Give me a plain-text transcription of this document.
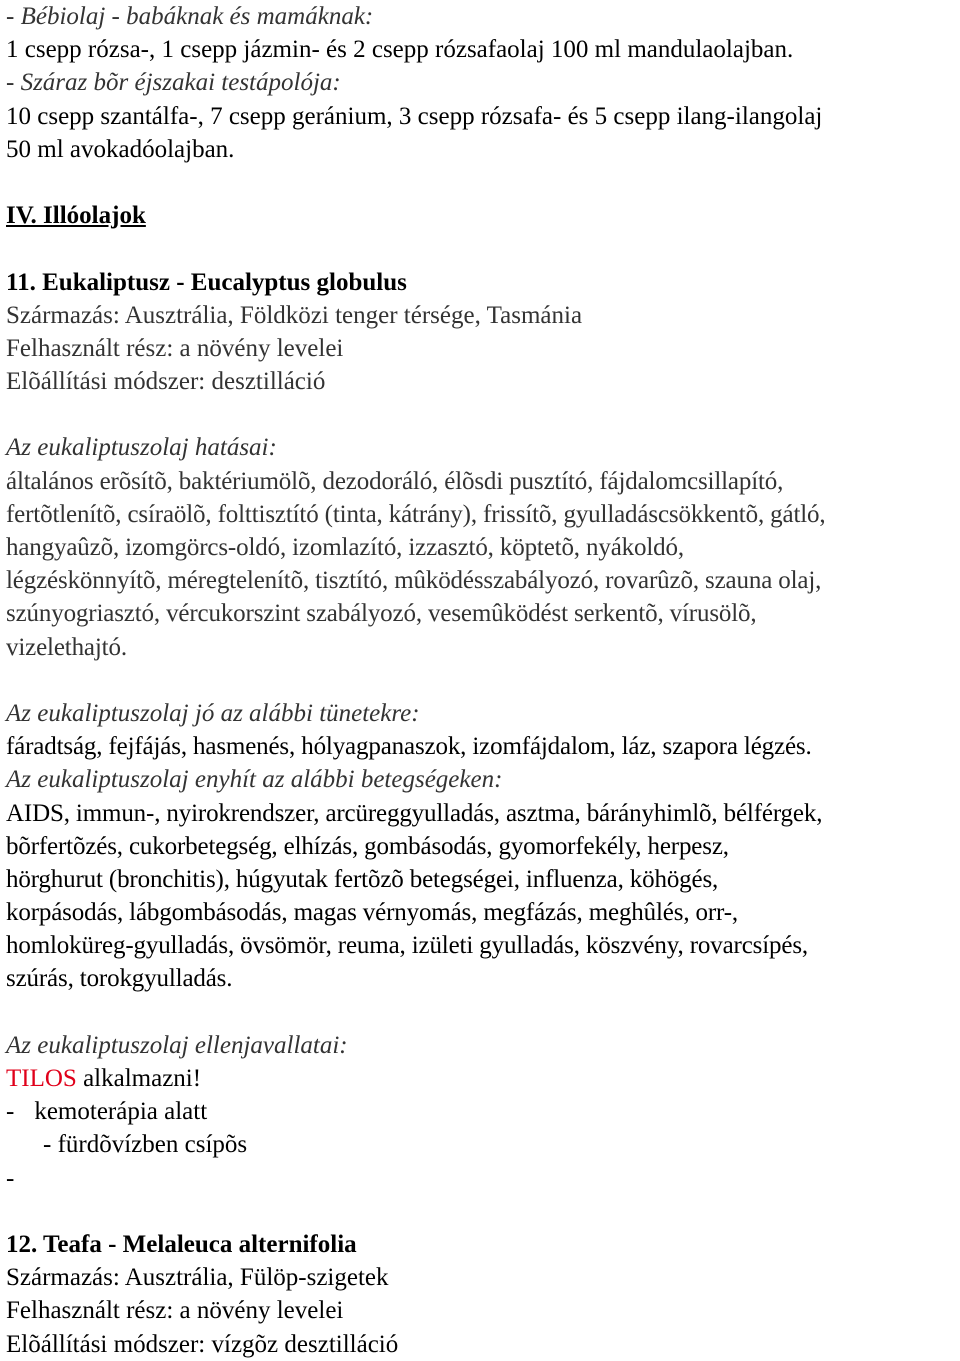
- Bébiolaj - babáknak és mamáknak:
1 csepp rózsa-, 1 csepp jázmin- és 2 csepp rózsafaolaj 100 ml mandulaolajban.
- Száraz bõr éjszakai testápolója:
10 csepp szantálfa-, 7 csepp geránium, 3 csepp rózsafa- és 5 csepp ilang-ilangolaj
50 ml avokadóolajban.
IV. Illóolajok
11. Eukaliptusz - Eucalyptus globulus
Származás: Ausztrália, Földközi tenger térsége, Tasmánia
Felhasznált rész: a növény levelei
Elõállítási módszer: desztilláció
Az eukaliptuszolaj hatásai:
általános erõsítõ, baktériumölõ, dezodoráló, élõsdi pusztító, fájdalomcsillapító,
fertõtlenítõ, csíraölõ, folttisztító (tinta, kátrány), frissítõ, gyulladáscsökkentõ, gátló,
hangyaûzõ, izomgörcs-oldó, izomlazító, izzasztó, köptetõ, nyákoldó,
légzéskönnyítõ, méregtelenítõ, tisztító, mûködésszabályozó, rovarûzõ, szauna olaj,
szúnyogriasztó, vércukorszint szabályozó, vesemûködést serkentõ, vírusölõ,
vizelethajtó.
Az eukaliptuszolaj jó az alábbi tünetekre:
fáradtság, fejfájás, hasmenés, hólyagpanaszok, izomfájdalom, láz, szapora légzés.
Az eukaliptuszolaj enyhít az alábbi betegségeken:
AIDS, immun-, nyirokrendszer, arcüreggyulladás, asztma, bárányhimlõ, bélférgek,
bõrfertõzés, cukorbetegség, elhízás, gombásodás, gyomorfekély, herpesz,
hörghurut (bronchitis), húgyutak fertõzõ betegségei, influenza, köhögés,
korpásodás, lábgombásodás, magas vérnyomás, megfázás, meghûlés, orr-,
homloküreg-gyulladás, övsömör, reuma, izületi gyulladás, köszvény, rovarcsípés,
szúrás, torokgyulladás.
Az eukaliptuszolaj ellenjavallatai:
TILOS alkalmazni!
- kemoterápia alatt
- fürdõvízben csípõs
-
12. Teafa - Melaleuca alternifolia
Származás: Ausztrália, Fülöp-szigetek
Felhasznált rész: a növény levelei
Elõállítási módszer: vízgõz desztilláció
